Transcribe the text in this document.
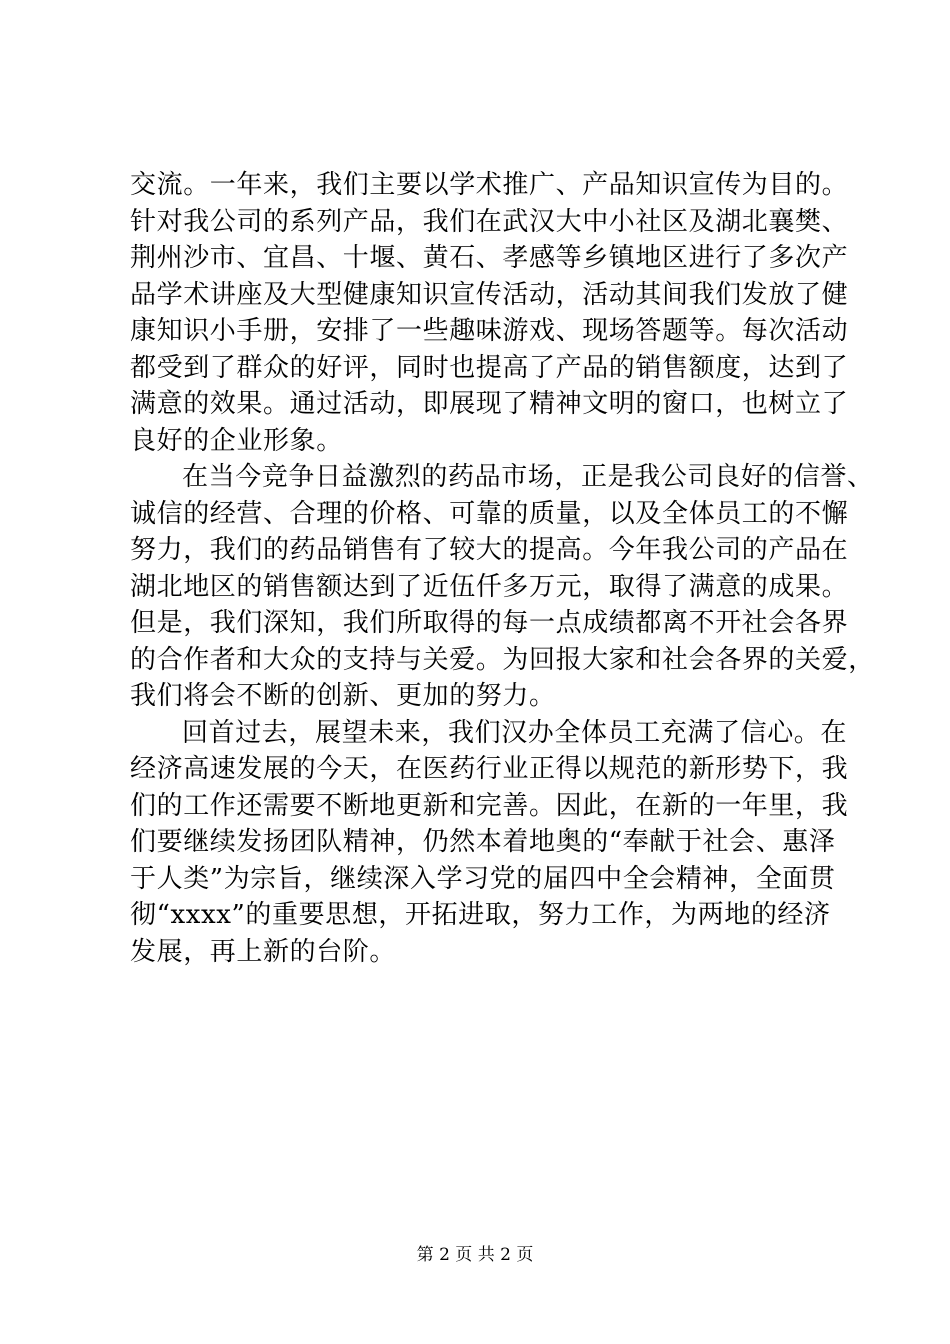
交流。一年来，我们主要以学术推广、产品知识宣传为目的。
针对我公司的系列产品，我们在武汉大中小社区及湖北襄樊、
荆州沙市、宜昌、十堰、黄石、孝感等乡镇地区进行了多次产
品学术讲座及大型健康知识宣传活动，活动其间我们发放了健
康知识小手册，安排了一些趣味游戏、现场答题等。每次活动
都受到了群众的好评，同时也提高了产品的销售额度，达到了
满意的效果。通过活动，即展现了精神文明的窗口，也树立了
良好的企业形象。
在当今竞争日益激烈的药品市场，正是我公司良好的信誉、
诚信的经营、合理的价格、可靠的质量，以及全体员工的不懈
努力，我们的药品销售有了较大的提高。今年我公司的产品在
湖北地区的销售额达到了近伍仟多万元，取得了满意的成果。
但是，我们深知，我们所取得的每一点成绩都离不开社会各界
的合作者和大众的支持与关爱。为回报大家和社会各界的关爱，
我们将会不断的创新、更加的努力。
回首过去，展望未来，我们汉办全体员工充满了信心。在
经济高速发展的今天，在医药行业正得以规范的新形势下，我
们的工作还需要不断地更新和完善。因此，在新的一年里，我
们要继续发扬团队精神，仍然本着地奥的“奉献于社会、惠泽
于人类”为宗旨，继续深入学习党的届四中全会精神，全面贯
彻“xxxx”的重要思想，开拓进取，努力工作，为两地的经济
发展，再上新的台阶。
第 2 页 共 2 页
